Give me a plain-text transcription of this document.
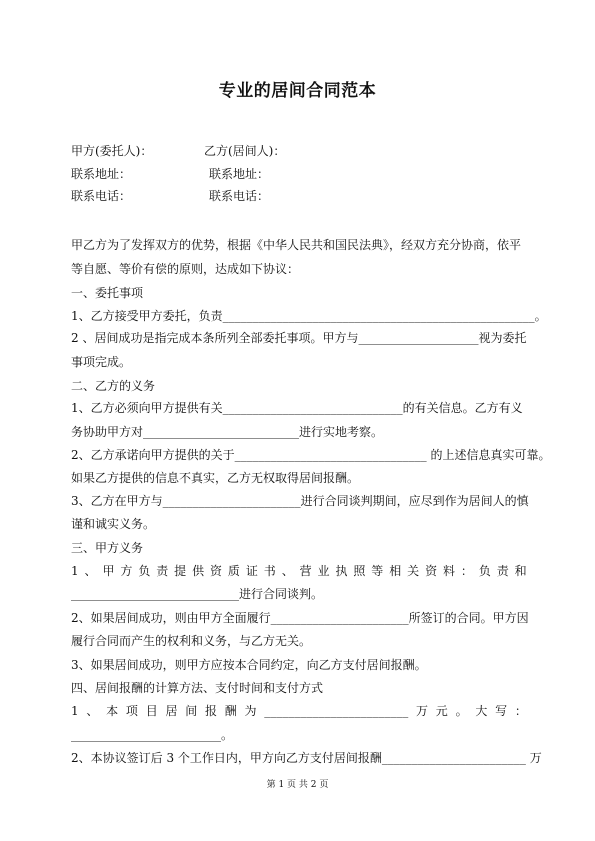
专业的居间合同范本
甲方(委托人)：	乙方(居间人)：
联系地址：	联系地址：
联系电话：	联系电话：
甲乙方为了发挥双方的优势，根据《中华人民共和国民法典》，经双方充分协商，依平
等自愿、等价有偿的原则，达成如下协议：
一、委托事项
1、乙方接受甲方委托，负责____________________________________________________。
2 、居间成功是指完成本条所列全部委托事项。甲方与____________________视为委托
事项完成。
二、乙方的义务
1、乙方必须向甲方提供有关______________________________的有关信息。乙方有义
务协助甲方对__________________________进行实地考察。
2、乙方承诺向甲方提供的关于________________________________ 的上述信息真实可靠。
如果乙方提供的信息不真实，乙方无权取得居间报酬。
3、乙方在甲方与_______________________进行合同谈判期间，应尽到作为居间人的慎
谨和诚实义务。
三、甲方义务
1 、 甲 方 负 责 提 供 资 质 证 书 、 营 业 执 照 等 相 关 资 料 ： 负 责 和
____________________________进行合同谈判。
2、如果居间成功，则由甲方全面履行_______________________所签订的合同。甲方因
履行合同而产生的权利和义务，与乙方无关。
3、如果居间成功，则甲方应按本合同约定，向乙方支付居间报酬。
四、居间报酬的计算方法、支付时间和支付方式
1 、 本 项 目 居 间 报 酬 为 ________________________ 万 元 。 大 写 ：
_________________________。
2、本协议签订后 3 个工作日内，甲方向乙方支付居间报酬________________________ 万
第 1 页 共 2 页
